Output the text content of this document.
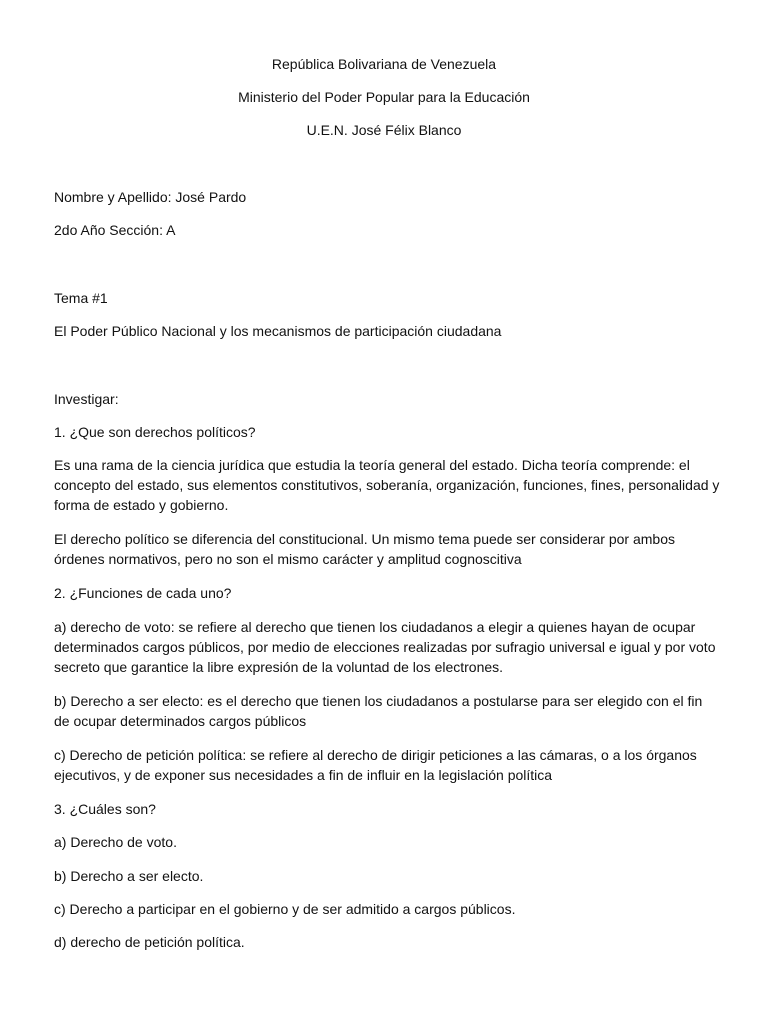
República Bolivariana de Venezuela

Ministerio del Poder Popular para la Educación

U.E.N. José Félix Blanco

Nombre y Apellido: José Pardo

2do Año Sección: A

Tema #1

El Poder Público Nacional y los mecanismos de participación ciudadana

Investigar:

1. ¿Que son derechos políticos?

Es una rama de la ciencia jurídica que estudia la teoría general del estado. Dicha teoría comprende: el concepto del estado, sus elementos constitutivos, soberanía, organización, funciones, fines, personalidad y forma de estado y gobierno.

El derecho político se diferencia del constitucional. Un mismo tema puede ser considerar por ambos órdenes normativos, pero no son el mismo carácter y amplitud cognoscitiva

2. ¿Funciones de cada uno?

a) derecho de voto: se refiere al derecho que tienen los ciudadanos a elegir a quienes hayan de ocupar determinados cargos públicos, por medio de elecciones realizadas por sufragio universal e igual y por voto secreto que garantice la libre expresión de la voluntad de los electrones.

b) Derecho a ser electo: es el derecho que tienen los ciudadanos a postularse para ser elegido con el fin de ocupar determinados cargos públicos

c) Derecho de petición política: se refiere al derecho de dirigir peticiones a las cámaras, o a los órganos ejecutivos, y de exponer sus necesidades a fin de influir en la legislación política

3. ¿Cuáles son?

a) Derecho de voto.

b) Derecho a ser electo.

c) Derecho a participar en el gobierno y de ser admitido a cargos públicos.

d) derecho de petición política.
